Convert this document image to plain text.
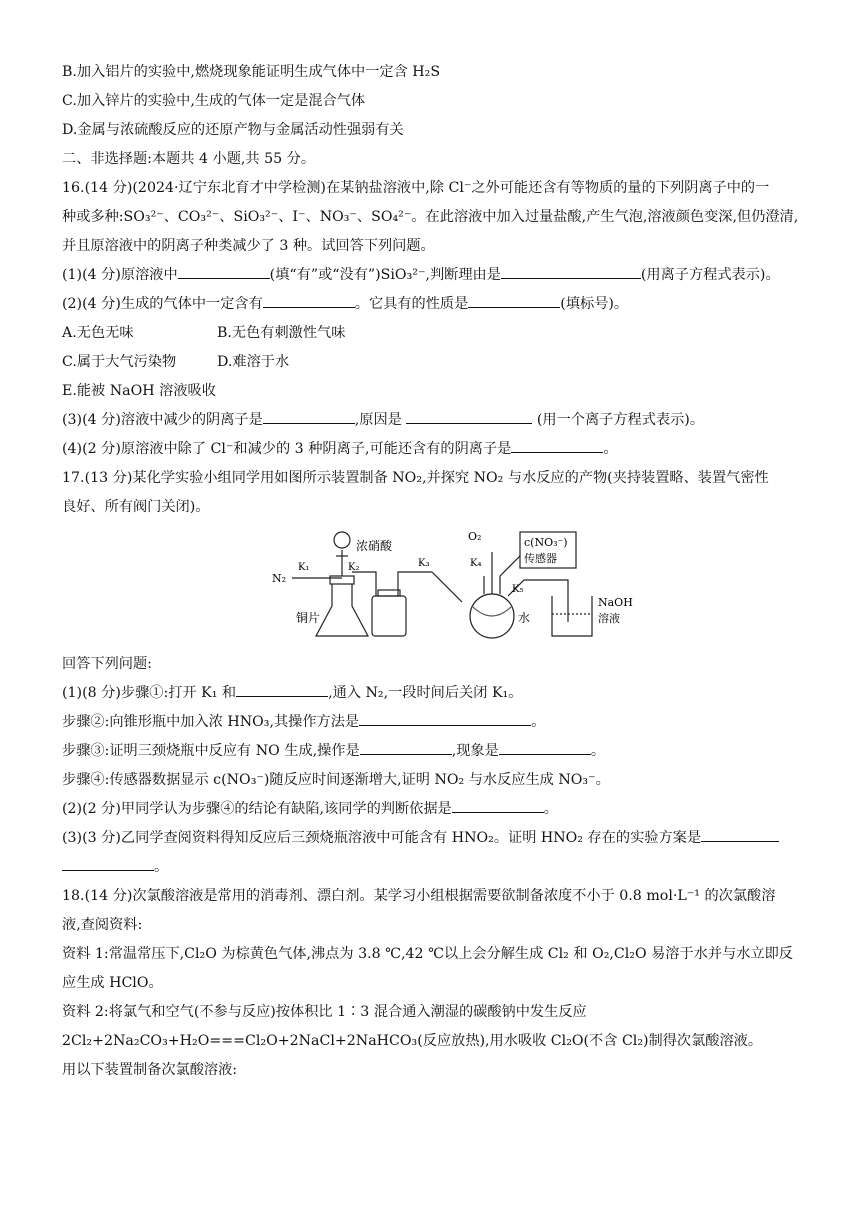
B.加入铝片的实验中,燃烧现象能证明生成气体中一定含 H₂S
C.加入锌片的实验中,生成的气体一定是混合气体
D.金属与浓硫酸反应的还原产物与金属活动性强弱有关
二、非选择题:本题共 4 小题,共 55 分。
16.(14 分)(2024·辽宁东北育才中学检测)在某钠盐溶液中,除 Cl⁻之外可能还含有等物质的量的下列阴离子中的一
种或多种:SO₃²⁻、CO₃²⁻、SiO₃²⁻、I⁻、NO₃⁻、SO₄²⁻。在此溶液中加入过量盐酸,产生气泡,溶液颜色变深,但仍澄清,
并且原溶液中的阴离子种类减少了 3 种。试回答下列问题。
(1)(4 分)原溶液中	(填“有”或“没有”)SiO₃²⁻,判断理由是	(用离子方程式表示)。
(2)(4 分)生成的气体中一定含有	。它具有的性质是	(填标号)。
A.无色无味	B.无色有刺激性气味
C.属于大气污染物	D.难溶于水
E.能被 NaOH 溶液吸收
(3)(4 分)溶液中减少的阴离子是	,原因是	(用一个离子方程式表示)。
(4)(2 分)原溶液中除了 Cl⁻和减少的 3 种阴离子,可能还含有的阴离子是	。
17.(13 分)某化学实验小组同学用如图所示装置制备 NO₂,并探究 NO₂ 与水反应的产物(夹持装置略、装置气密性
良好、所有阀门关闭)。
浓硝酸
K₁	K₂	K₃	K₄
K₅
N₂
O₂
铜片	水
c(NO₃⁻)
传感器
NaOH
溶液
回答下列问题:
(1)(8 分)步骤①:打开 K₁ 和	,通入 N₂,一段时间后关闭 K₁。
步骤②:向锥形瓶中加入浓 HNO₃,其操作方法是	。
步骤③:证明三颈烧瓶中反应有 NO 生成,操作是	,现象是	。
步骤④:传感器数据显示 c(NO₃⁻)随反应时间逐渐增大,证明 NO₂ 与水反应生成 NO₃⁻。
(2)(2 分)甲同学认为步骤④的结论有缺陷,该同学的判断依据是	。
(3)(3 分)乙同学查阅资料得知反应后三颈烧瓶溶液中可能含有 HNO₂。证明 HNO₂ 存在的实验方案是
。
18.(14 分)次氯酸溶液是常用的消毒剂、漂白剂。某学习小组根据需要欲制备浓度不小于 0.8 mol·L⁻¹ 的次氯酸溶
液,查阅资料:
资料 1:常温常压下,Cl₂O 为棕黄色气体,沸点为 3.8 ℃,42 ℃以上会分解生成 Cl₂ 和 O₂,Cl₂O 易溶于水并与水立即反
应生成 HClO。
资料 2:将氯气和空气(不参与反应)按体积比 1∶3 混合通入潮湿的碳酸钠中发生反应
2Cl₂+2Na₂CO₃+H₂O===Cl₂O+2NaCl+2NaHCO₃(反应放热),用水吸收 Cl₂O(不含 Cl₂)制得次氯酸溶液。
用以下装置制备次氯酸溶液:
